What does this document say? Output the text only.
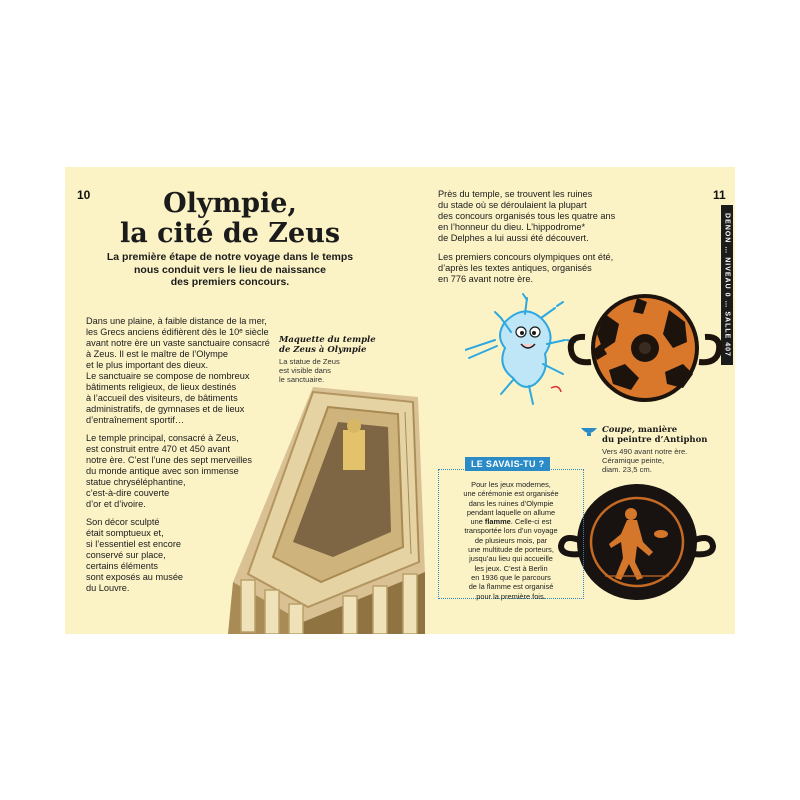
10	Olympie,
la cité de Zeus
La première étape de notre voyage dans le temps
nous conduit vers le lieu de naissance
des premiers concours.
Dans une plaine, à faible distance de la mer,
les Grecs anciens édifièrent dès le 10ᵉ siècle
avant notre ère un vaste sanctuaire consacré
à Zeus. Il est le maître de l’Olympe
et le plus important des dieux.
Le sanctuaire se compose de nombreux
bâtiments religieux, de lieux destinés
à l’accueil des visiteurs, de bâtiments
administratifs, de gymnases et de lieux
d’entraînement sportif…
Le temple principal, consacré à Zeus,
est construit entre 470 et 450 avant
notre ère. C’est l’une des sept merveilles
du monde antique avec son immense
statue chryséléphantine,
c’est-à-dire couverte
d’or et d’ivoire.
Son décor sculpté
était somptueux et,
si l’essentiel est encore
conservé sur place,
certains éléments
sont exposés au musée
du Louvre.
Maquette du temple
de Zeus à Olympie
La statue de Zeus
est visible dans
le sanctuaire.
11
DENON … NIVEAU 0 … SALLE 407
Près du temple, se trouvent les ruines
du stade où se déroulaient la plupart
des concours organisés tous les quatre ans
en l’honneur du dieu. L’hippodrome*
de Delphes a lui aussi été découvert.
Les premiers concours olympiques ont été,
d’après les textes antiques, organisés
en 776 avant notre ère.
Coupe, manière
du peintre d’Antiphon
Vers 490 avant notre ère.
Céramique peinte,
diam. 23,5 cm.
LE SAVAIS-TU ?
Pour les jeux modernes,
une cérémonie est organisée
dans les ruines d’Olympie
pendant laquelle on allume
une flamme. Celle-ci est
transportée lors d’un voyage
de plusieurs mois, par
une multitude de porteurs,
jusqu’au lieu qui accueille
les jeux. C’est à Berlin
en 1936 que le parcours
de la flamme est organisé
pour la première fois.
